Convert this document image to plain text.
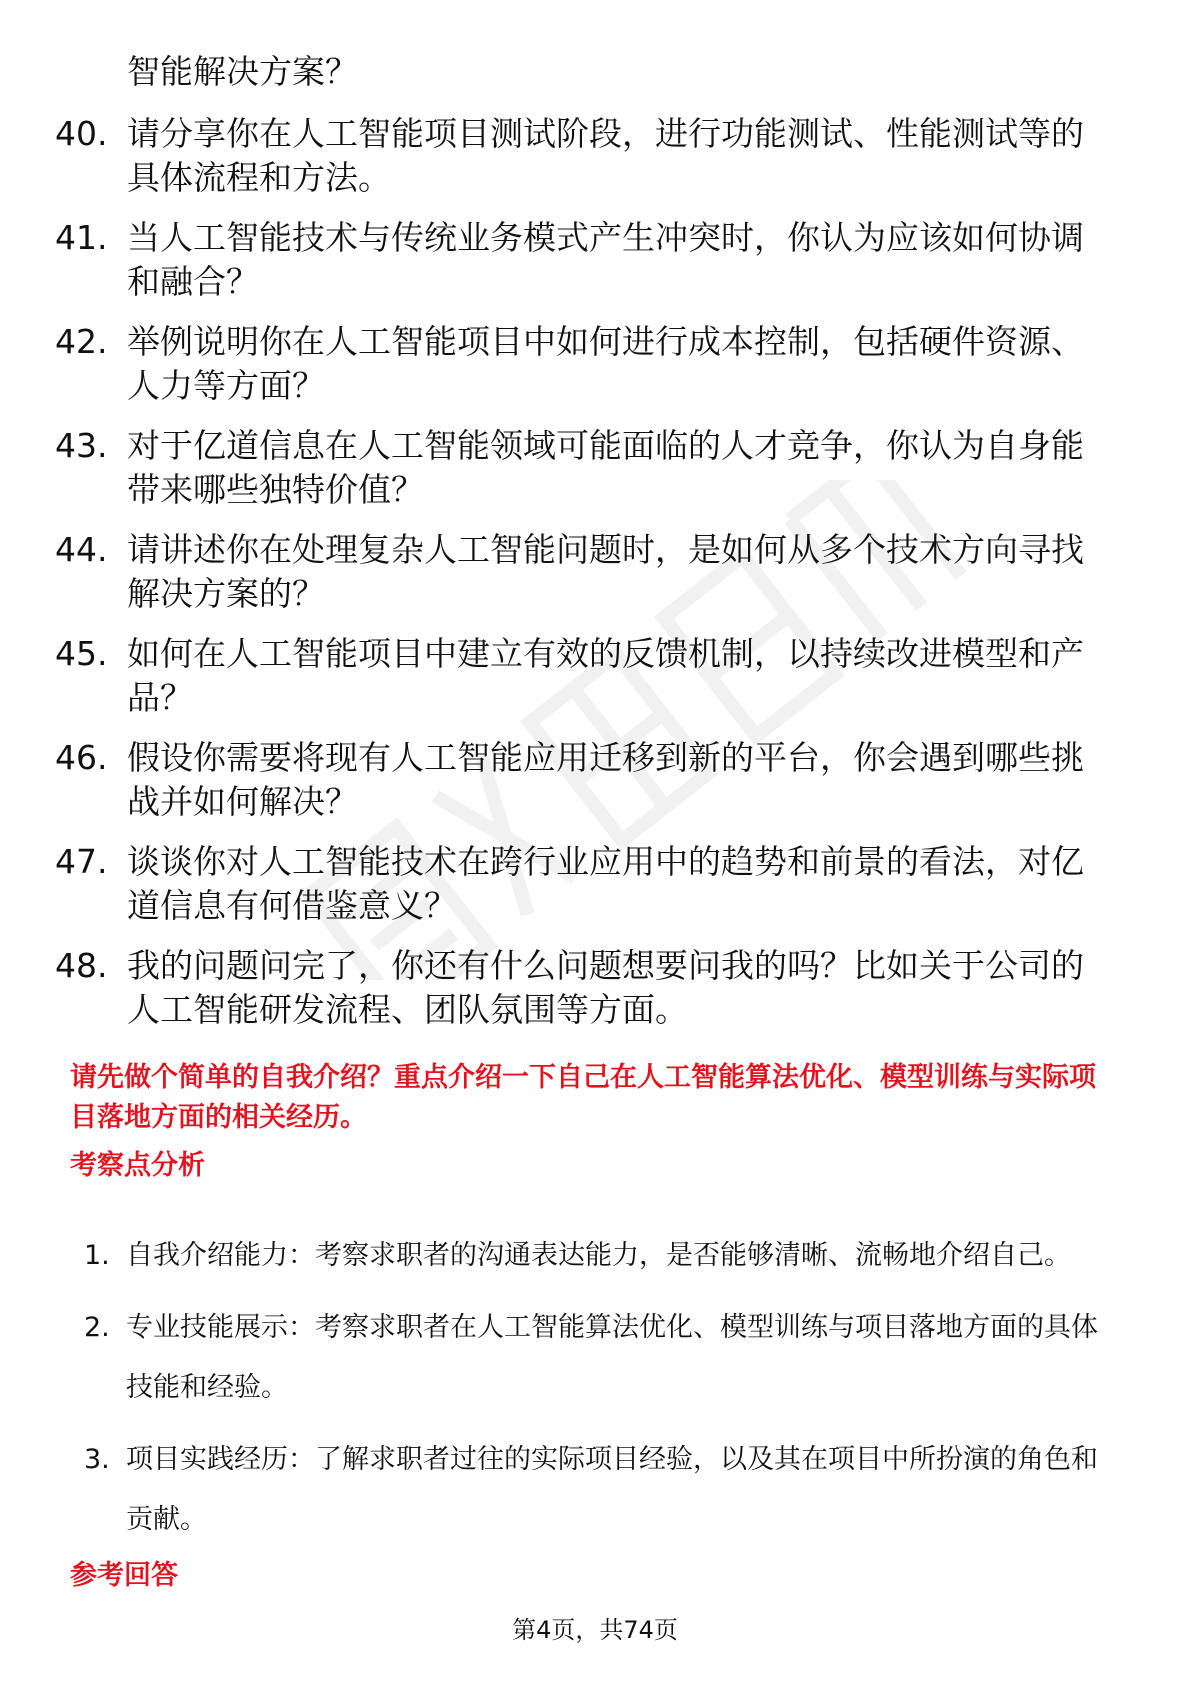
智能解决方案？

40. 请分享你在人工智能项目测试阶段，进行功能测试、性能测试等的具体流程和方法。
41. 当人工智能技术与传统业务模式产生冲突时，你认为应该如何协调和融合？
42. 举例说明你在人工智能项目中如何进行成本控制，包括硬件资源、人力等方面？
43. 对于亿道信息在人工智能领域可能面临的人才竞争，你认为自身能带来哪些独特价值？
44. 请讲述你在处理复杂人工智能问题时，是如何从多个技术方向寻找解决方案的？
45. 如何在人工智能项目中建立有效的反馈机制，以持续改进模型和产品？
46. 假设你需要将现有人工智能应用迁移到新的平台，你会遇到哪些挑战并如何解决？
47. 谈谈你对人工智能技术在跨行业应用中的趋势和前景的看法，对亿道信息有何借鉴意义？
48. 我的问题问完了，你还有什么问题想要问我的吗？比如关于公司的人工智能研发流程、团队氛围等方面。

请先做个简单的自我介绍？重点介绍一下自己在人工智能算法优化、模型训练与实际项目落地方面的相关经历。

考察点分析

1. 自我介绍能力：考察求职者的沟通表达能力，是否能够清晰、流畅地介绍自己。
2. 专业技能展示：考察求职者在人工智能算法优化、模型训练与项目落地方面的具体技能和经验。
3. 项目实践经历：了解求职者过往的实际项目经验，以及其在项目中所扮演的角色和贡献。

参考回答

第4页，共74页
